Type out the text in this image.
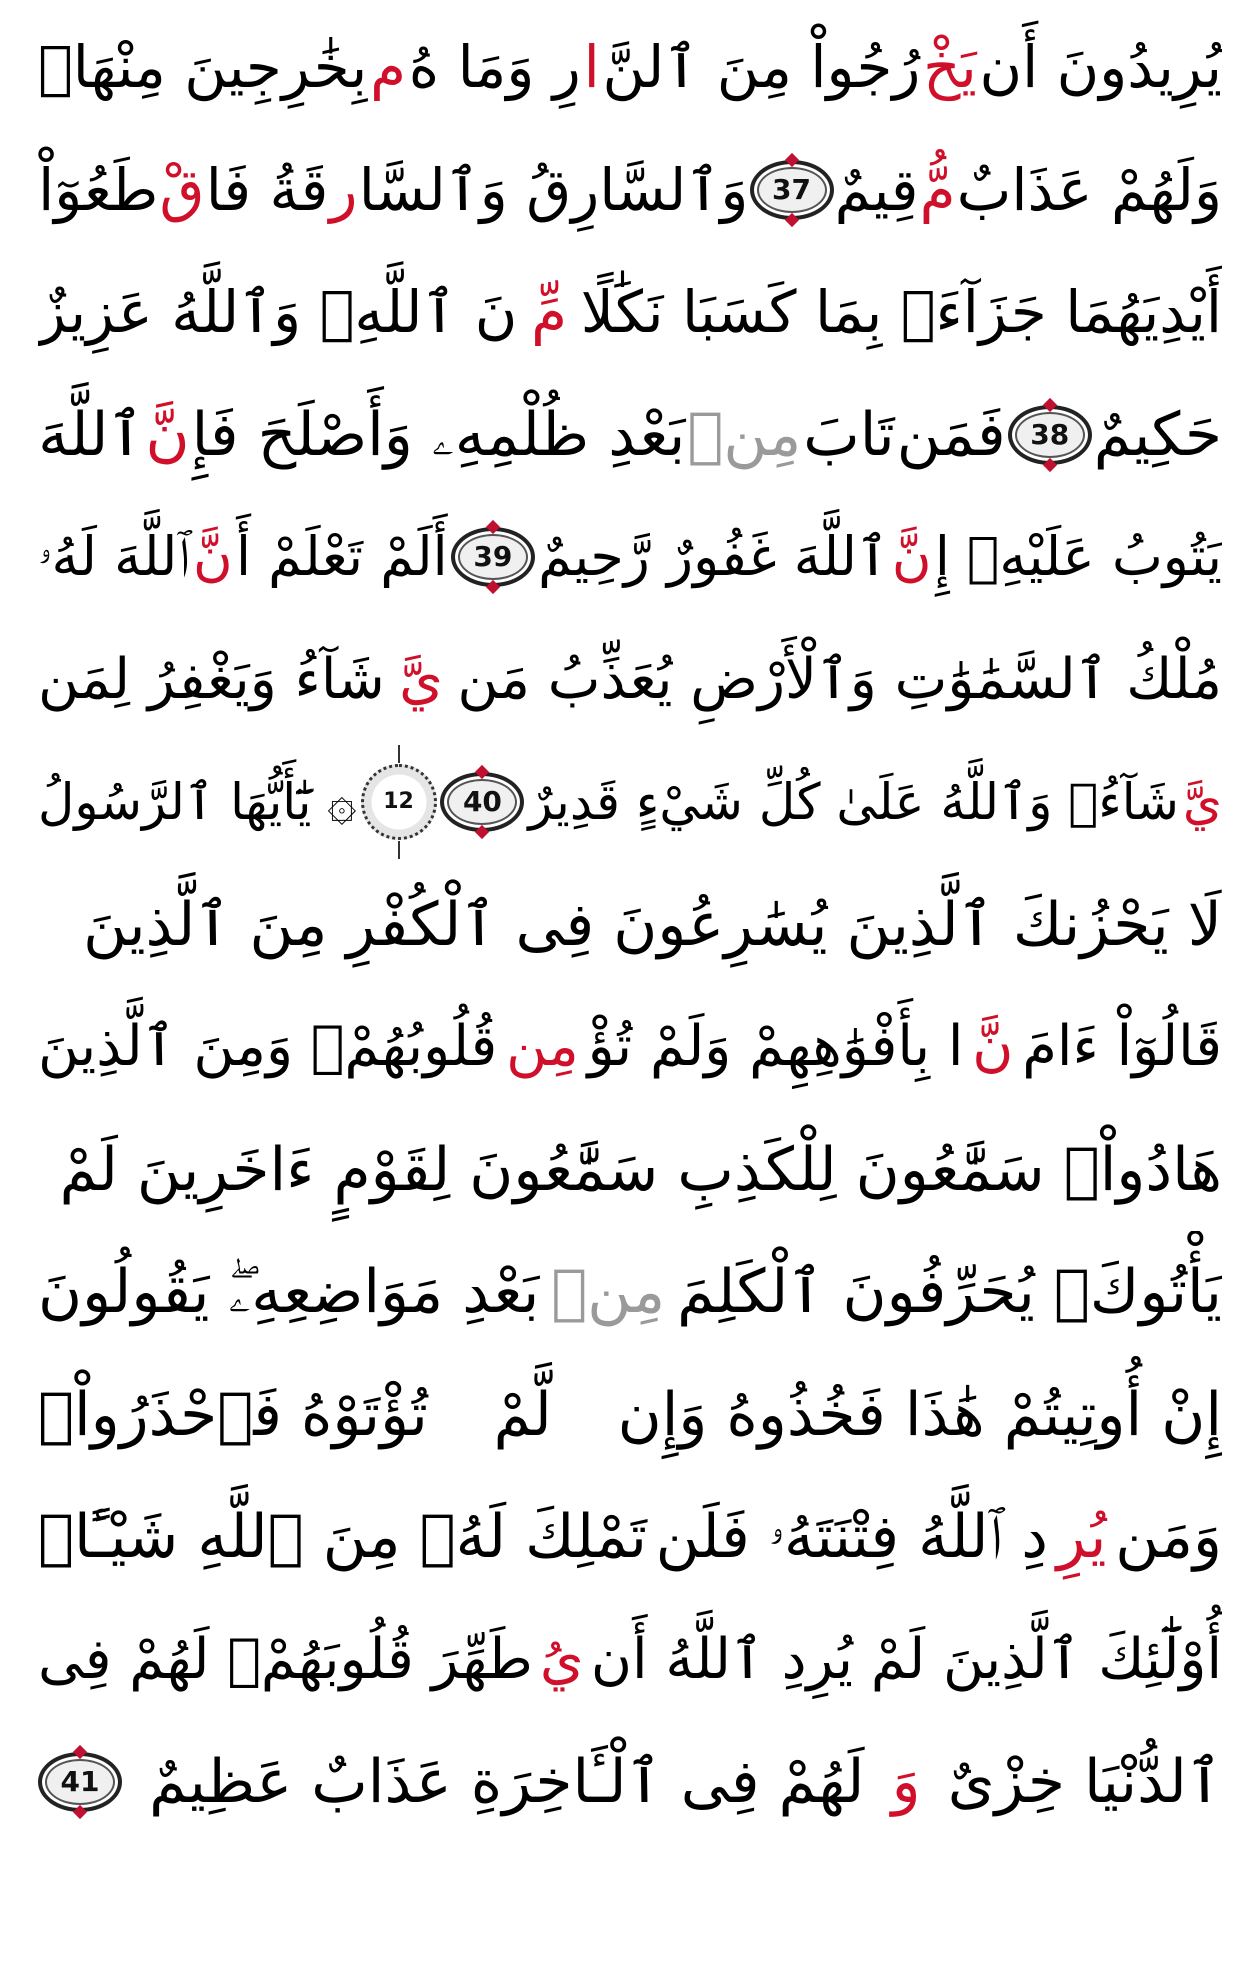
يُرِيدُونَ أَن
يَخْ
رُجُواْ مِنَ ٱلنَّ
ا
رِ وَمَا هُ
م
بِخَٰرِجِينَ مِنْهَاۖ
وَلَهُمْ عَذَابٌ
مُّ
قِيمٌ
37
وَٱلسَّارِقُ وَٱلسَّا
ر
قَةُ فَا
قْ
طَعُوٓاْ
أَيْدِيَهُمَا جَزَآءَۢ بِمَا كَسَبَا نَكَٰلًا
مِّ
نَ ٱللَّهِۗ وَٱللَّهُ عَزِيزٌ
حَكِيمٌ
38
فَمَن
تَابَ
مِنۢ
بَعْدِ ظُلْمِهِۦ وَأَصْلَحَ فَإِ
نَّ
ٱللَّهَ
يَتُوبُ عَلَيْهِۗ إِ
نَّ
ٱللَّهَ غَفُورٌ رَّحِيمٌ
39
أَلَمْ تَعْلَمْ أَ
نَّ
ٱللَّهَ لَهُۥ
مُلْكُ ٱلسَّمَٰوَٰتِ وَٱلْأَرْضِ يُعَذِّبُ مَن
يَّ
شَآءُ وَيَغْفِرُ لِمَن
يَّ
شَآءُۗ وَٱللَّهُ عَلَىٰ كُلِّ شَيْءٍ قَدِيرٌ
40
12
۞ يَٰٓأَيُّهَا ٱلرَّسُولُ
لَا يَحْزُنكَ ٱلَّذِينَ يُسَٰرِعُونَ فِى ٱلْكُفْرِ مِنَ ٱلَّذِينَ
قَالُوٓاْ ءَامَ
نَّ
ا بِأَفْوَٰهِهِمْ وَلَمْ تُؤْ
مِن
قُلُوبُهُمْۛ وَمِنَ ٱلَّذِينَ
هَادُواْۛ سَمَّٰعُونَ لِلْكَذِبِ سَمَّٰعُونَ لِقَوْمٍ ءَاخَرِينَ لَمْ
يَأْتُوكَۖ يُحَرِّفُونَ ٱلْكَلِمَ
مِنۢ
بَعْدِ مَوَاضِعِهِۦۖ يَقُولُونَ
إِنْ أُوتِيتُمْ هَٰذَا فَخُذُوهُ وَإِن
لَّمْ
تُؤْتَوْهُ فَٱحْذَرُواْۚ
وَمَن
يُرِ
دِ ٱللَّهُ فِتْنَتَهُۥ فَلَن
تَمْلِكَ لَهُۥ مِنَ ٱللَّهِ شَيْـًٔاۚ
أُوْلَٰٓئِكَ ٱلَّذِينَ لَمْ يُرِدِ ٱللَّهُ أَن
يُ
طَهِّرَ قُلُوبَهُمْۚ لَهُمْ فِى
ٱلدُّنْيَا خِزْىٌ
وَ
لَهُمْ فِى ٱلْـَٔاخِرَةِ عَذَابٌ عَظِيمٌ
41
